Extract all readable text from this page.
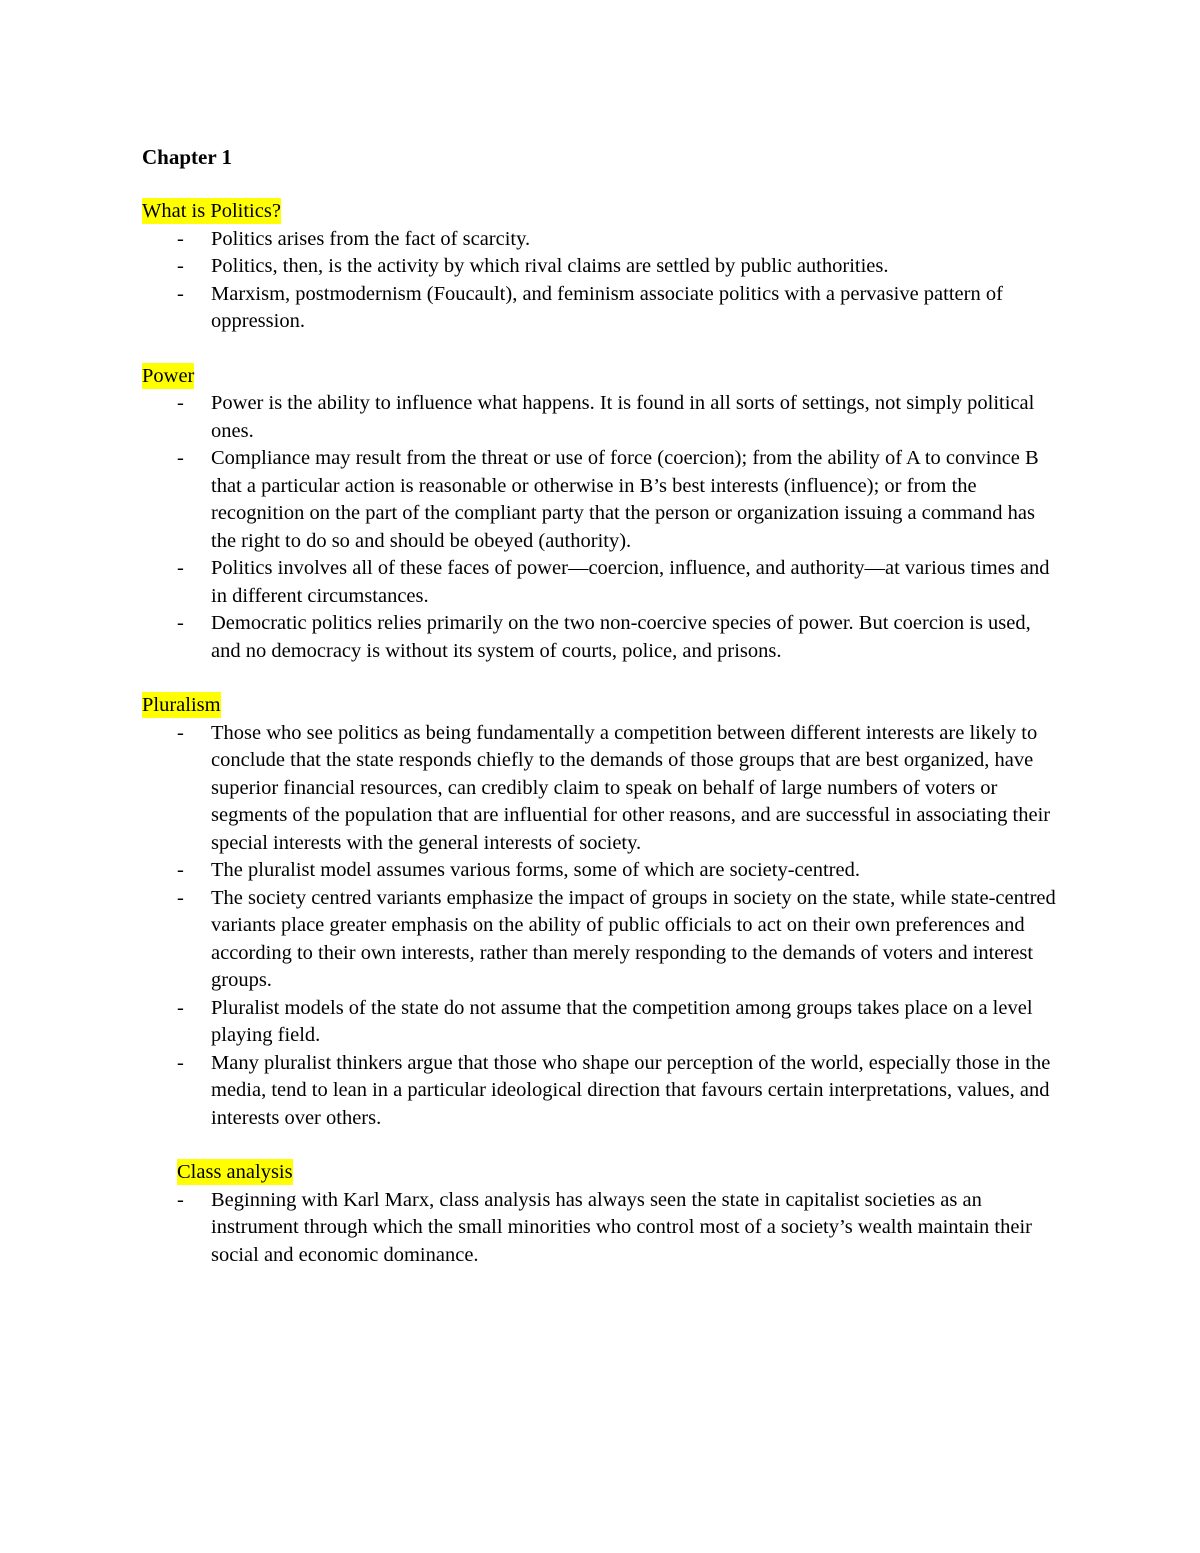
Chapter 1
What is Politics?
- Politics arises from the fact of scarcity.
- Politics, then, is the activity by which rival claims are settled by public authorities.
- Marxism, postmodernism (Foucault), and feminism associate politics with a pervasive pattern of oppression.
Power
- Power is the ability to influence what happens. It is found in all sorts of settings, not simply political ones.
- Compliance may result from the threat or use of force (coercion); from the ability of A to convince B that a particular action is reasonable or otherwise in B’s best interests (influence); or from the recognition on the part of the compliant party that the person or organization issuing a command has the right to do so and should be obeyed (authority).
- Politics involves all of these faces of power—coercion, influence, and authority—at various times and in different circumstances.
- Democratic politics relies primarily on the two non-coercive species of power. But coercion is used, and no democracy is without its system of courts, police, and prisons.
Pluralism
- Those who see politics as being fundamentally a competition between different interests are likely to conclude that the state responds chiefly to the demands of those groups that are best organized, have superior financial resources, can credibly claim to speak on behalf of large numbers of voters or segments of the population that are influential for other reasons, and are successful in associating their special interests with the general interests of society.
- The pluralist model assumes various forms, some of which are society-centred.
- The society centred variants emphasize the impact of groups in society on the state, while state-centred variants place greater emphasis on the ability of public officials to act on their own preferences and according to their own interests, rather than merely responding to the demands of voters and interest groups.
- Pluralist models of the state do not assume that the competition among groups takes place on a level playing field.
- Many pluralist thinkers argue that those who shape our perception of the world, especially those in the media, tend to lean in a particular ideological direction that favours certain interpretations, values, and interests over others.
Class analysis
- Beginning with Karl Marx, class analysis has always seen the state in capitalist societies as an instrument through which the small minorities who control most of a society’s wealth maintain their social and economic dominance.
